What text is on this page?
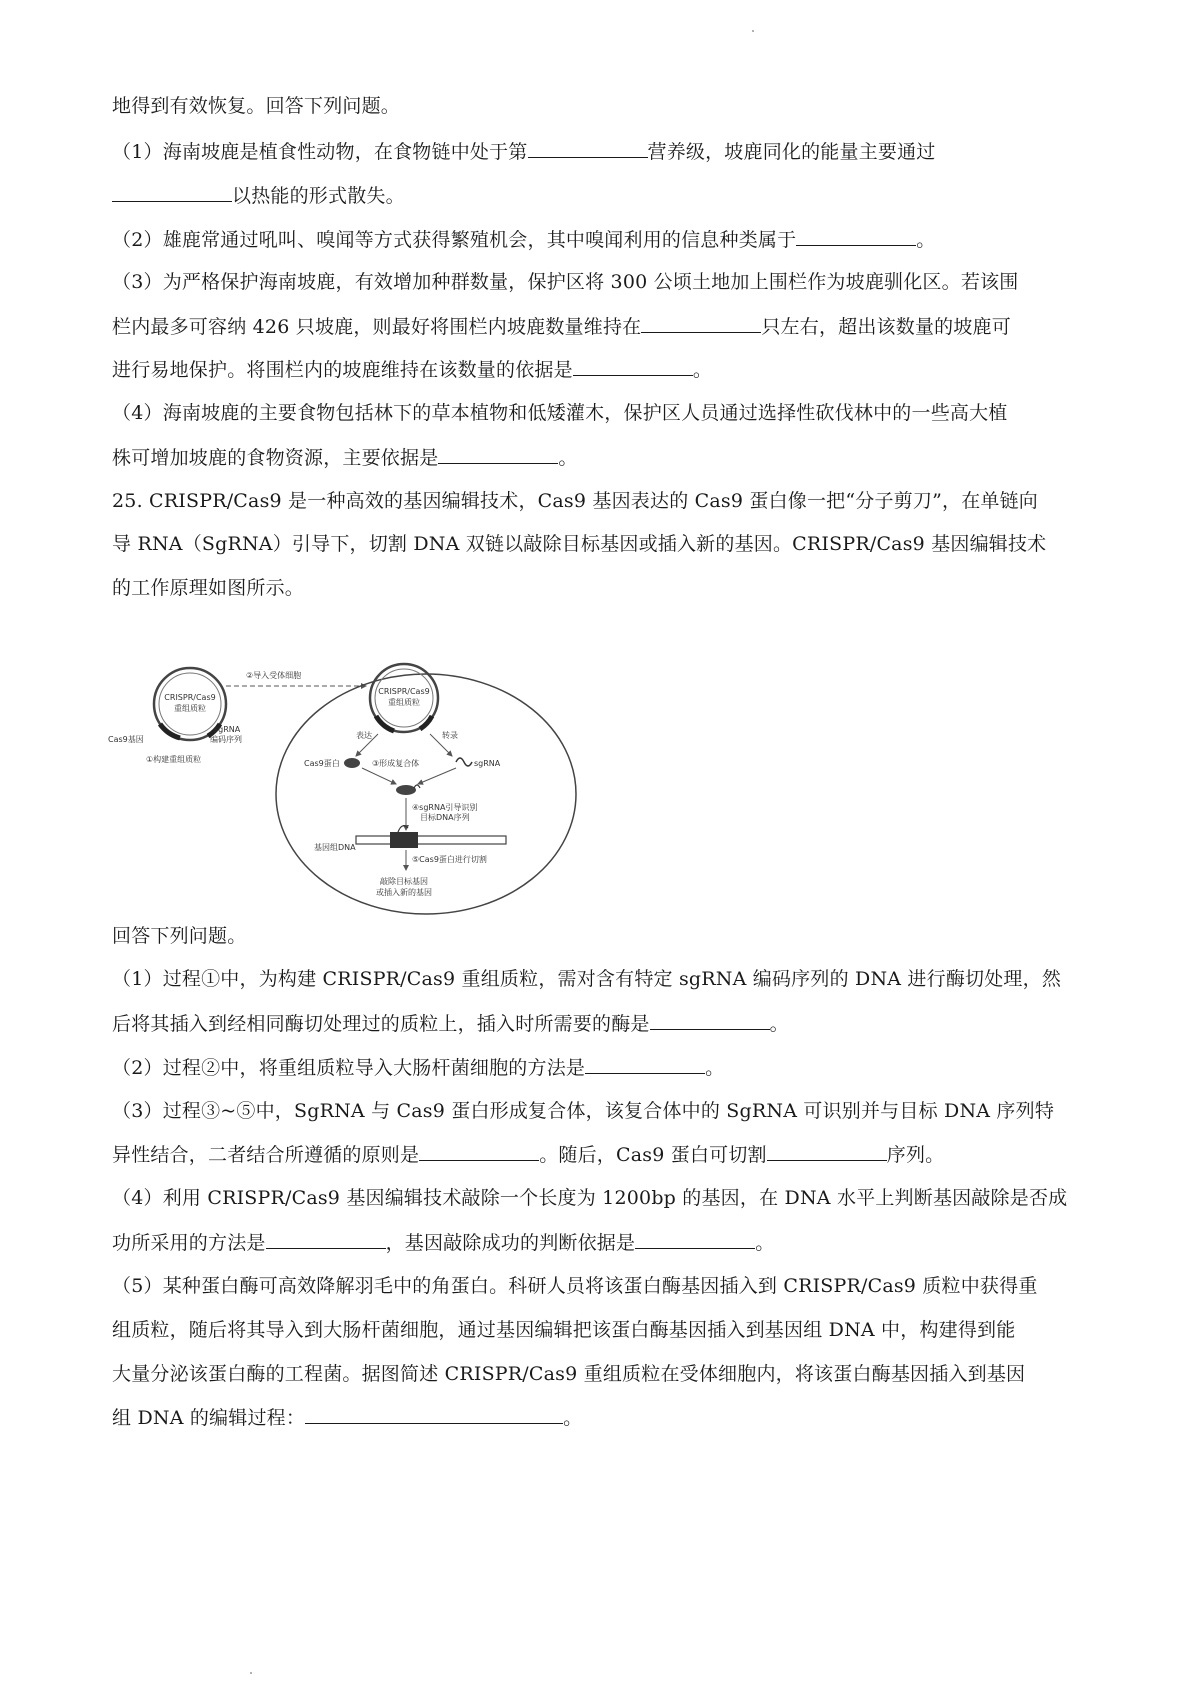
地得到有效恢复。回答下列问题。
（1）海南坡鹿是植食性动物，在食物链中处于第	营养级，坡鹿同化的能量主要通过
以热能的形式散失。
（2）雄鹿常通过吼叫、嗅闻等方式获得繁殖机会，其中嗅闻利用的信息种类属于	。
（3）为严格保护海南坡鹿，有效增加种群数量，保护区将 300 公顷土地加上围栏作为坡鹿驯化区。若该围
栏内最多可容纳 426 只坡鹿，则最好将围栏内坡鹿数量维持在	只左右，超出该数量的坡鹿可
进行易地保护。将围栏内的坡鹿维持在该数量的依据是	。
（4）海南坡鹿的主要食物包括林下的草本植物和低矮灌木，保护区人员通过选择性砍伐林中的一些高大植
株可增加坡鹿的食物资源，主要依据是	。
25. CRISPR/Cas9 是一种高效的基因编辑技术，Cas9 基因表达的 Cas9 蛋白像一把“分子剪刀”，在单链向
导 RNA（SgRNA）引导下，切割 DNA 双链以敲除目标基因或插入新的基因。CRISPR/Cas9 基因编辑技术
的工作原理如图所示。
CRISPR/Cas9
重组质粒
sgRNA
编码序列
Cas9基因
①构建重组质粒
②导入受体细胞
CRISPR/Cas9
重组质粒
表达	转录
Cas9蛋白	③形成复合体	sgRNA
④sgRNA引导识别
目标DNA序列
基因组DNA
⑤Cas9蛋白进行切割
敲除目标基因
或插入新的基因
回答下列问题。
（1）过程①中，为构建 CRISPR/Cas9 重组质粒，需对含有特定 sgRNA 编码序列的 DNA 进行酶切处理，然
后将其插入到经相同酶切处理过的质粒上，插入时所需要的酶是	。
（2）过程②中，将重组质粒导入大肠杆菌细胞的方法是	。
（3）过程③~⑤中，SgRNA 与 Cas9 蛋白形成复合体，该复合体中的 SgRNA 可识别并与目标 DNA 序列特
异性结合，二者结合所遵循的原则是	。随后，Cas9 蛋白可切割	序列。
（4）利用 CRISPR/Cas9 基因编辑技术敲除一个长度为 1200bp 的基因，在 DNA 水平上判断基因敲除是否成
功所采用的方法是	，基因敲除成功的判断依据是	。
（5）某种蛋白酶可高效降解羽毛中的角蛋白。科研人员将该蛋白酶基因插入到 CRISPR/Cas9 质粒中获得重
组质粒，随后将其导入到大肠杆菌细胞，通过基因编辑把该蛋白酶基因插入到基因组 DNA 中，构建得到能
大量分泌该蛋白酶的工程菌。据图简述 CRISPR/Cas9 重组质粒在受体细胞内，将该蛋白酶基因插入到基因
组 DNA 的编辑过程：	。
